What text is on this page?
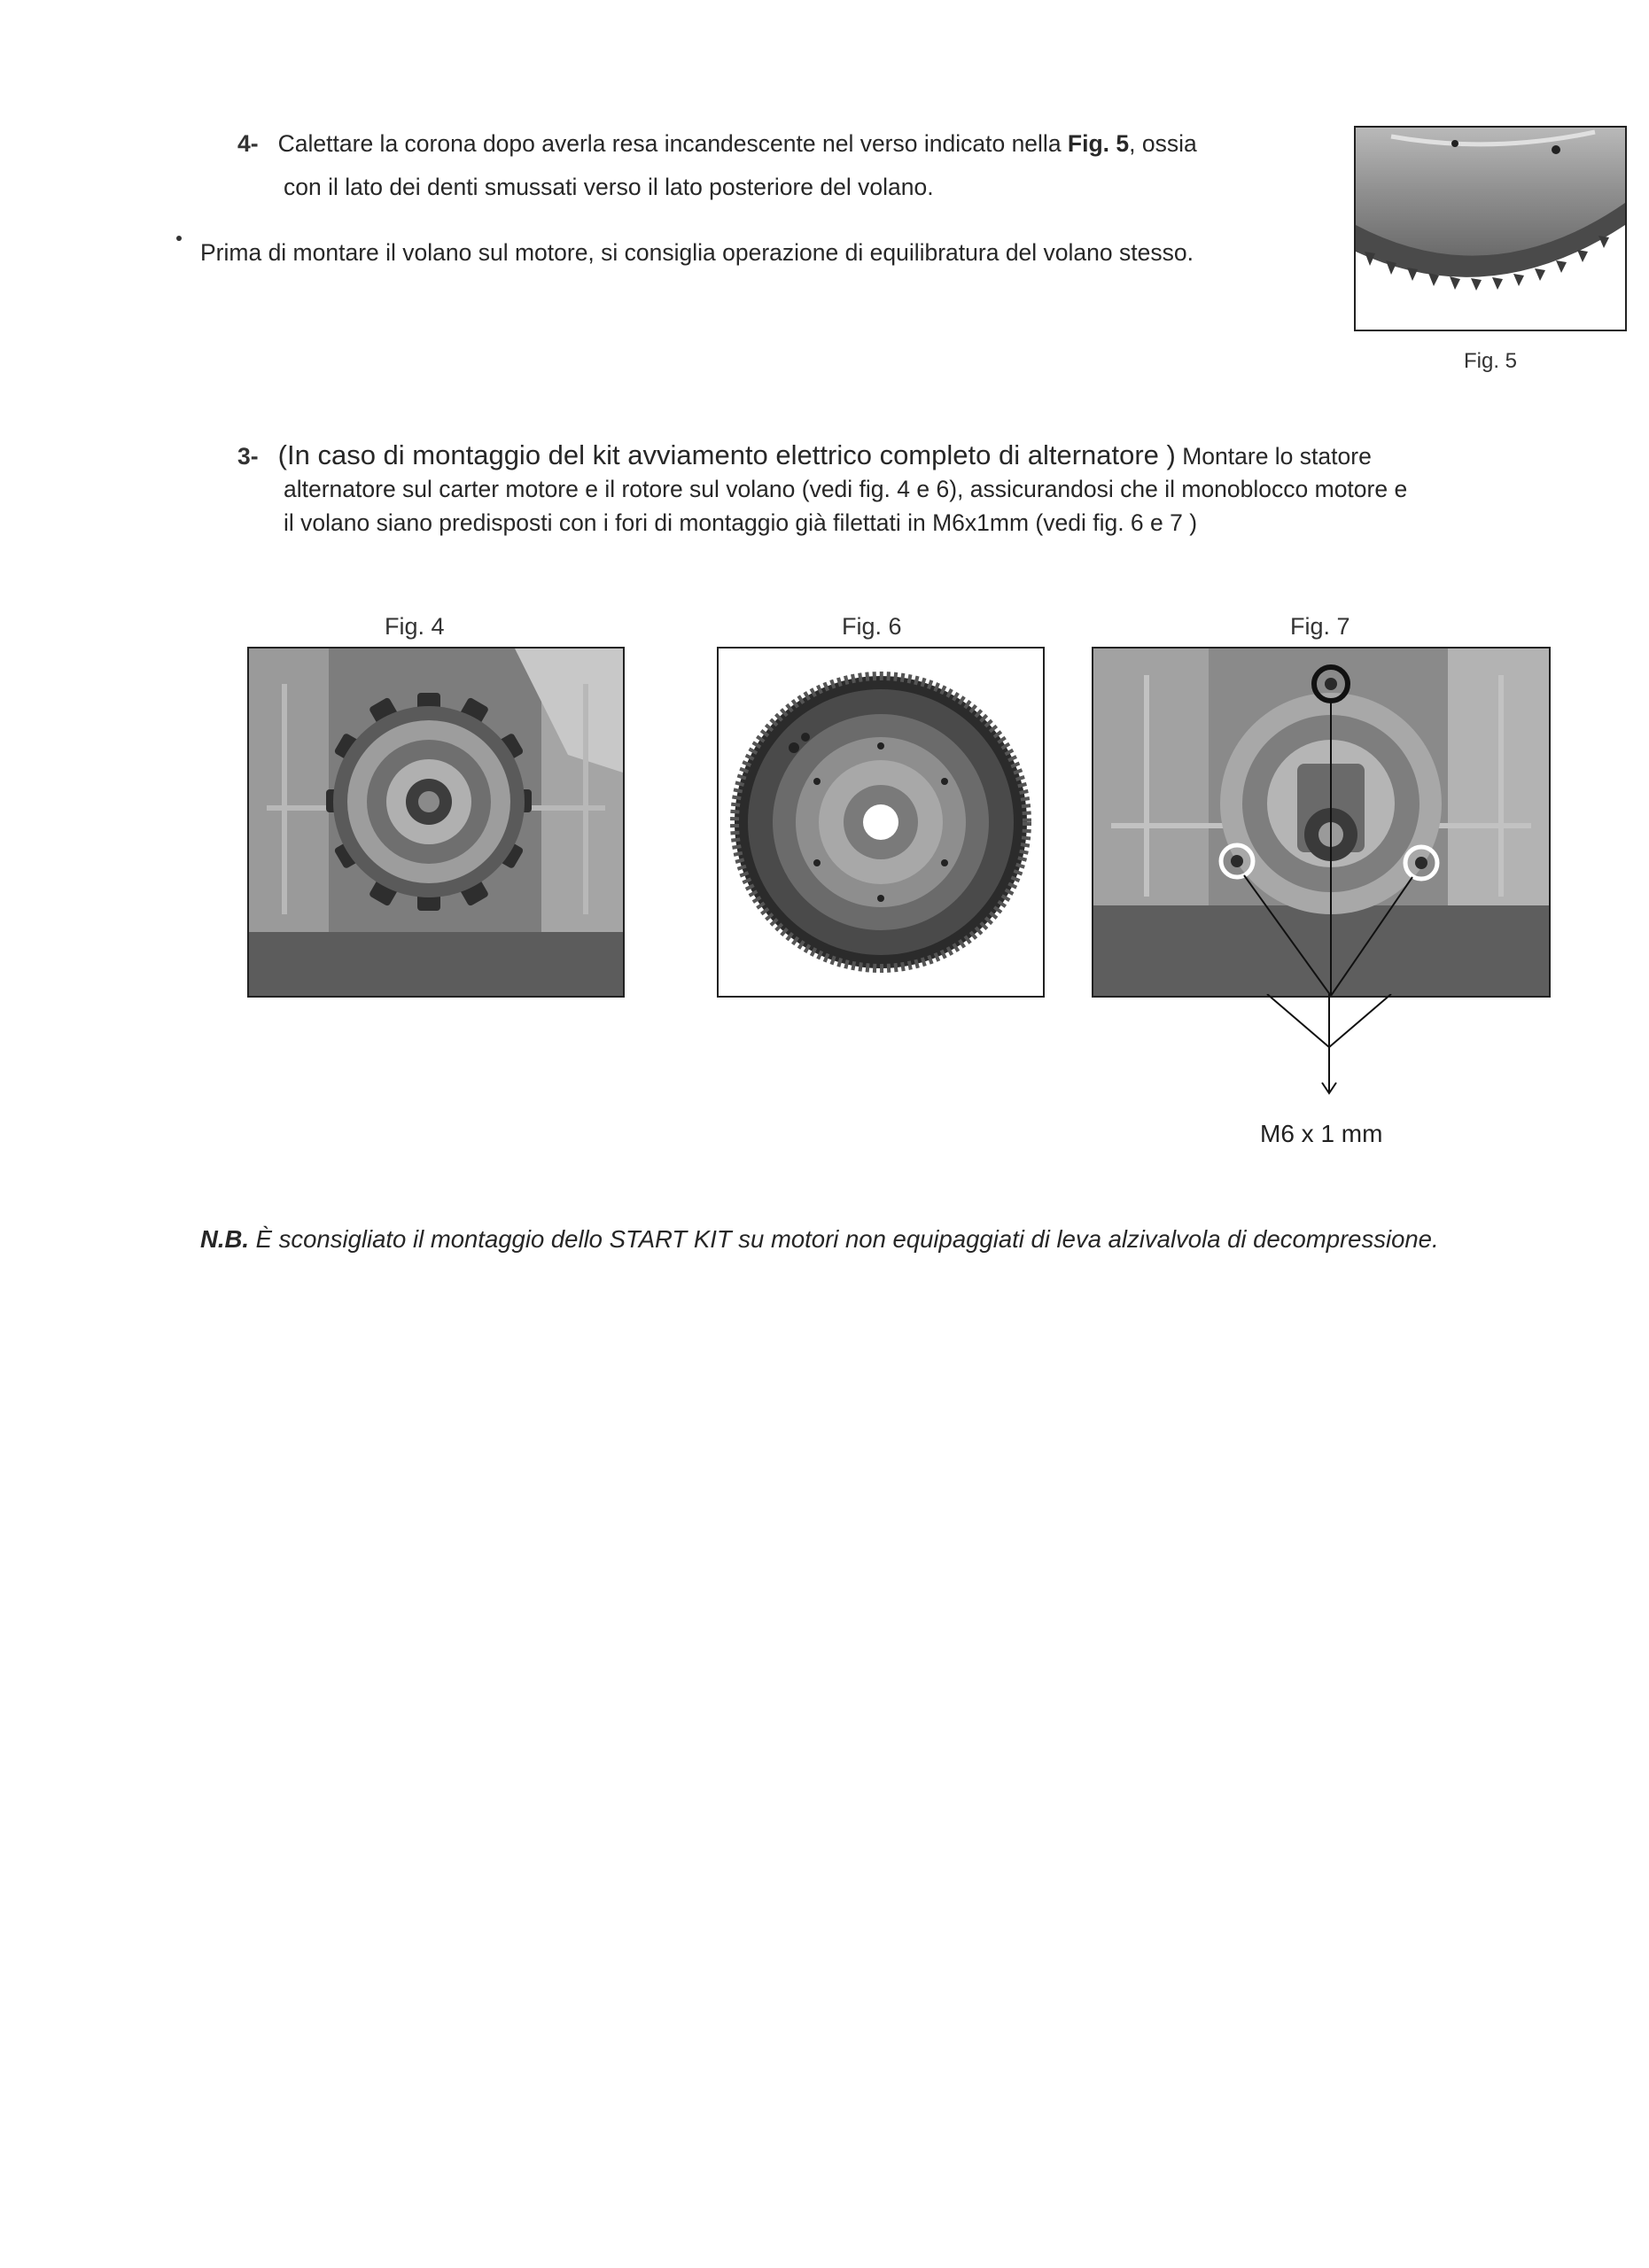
4- Calettare la corona dopo averla resa incandescente nel verso indicato nella Fig. 5, ossia
con il lato dei denti smussati verso il lato posteriore del volano.
Prima di montare il volano sul motore, si consiglia operazione di equilibratura del volano stesso.
Fig. 5
3- (In caso di montaggio del kit avviamento elettrico completo di alternatore ) Montare lo statore
alternatore sul carter motore e il rotore sul volano (vedi fig. 4 e 6), assicurandosi che il monoblocco motore e
il volano siano predisposti con i fori di montaggio già filettati in M6x1mm (vedi fig. 6 e 7 )
Fig. 4	Fig. 6	Fig. 7
M6 x 1 mm
N.B. È sconsigliato il montaggio dello START KIT su motori non equipaggiati di leva alzivalvola di decompressione.
